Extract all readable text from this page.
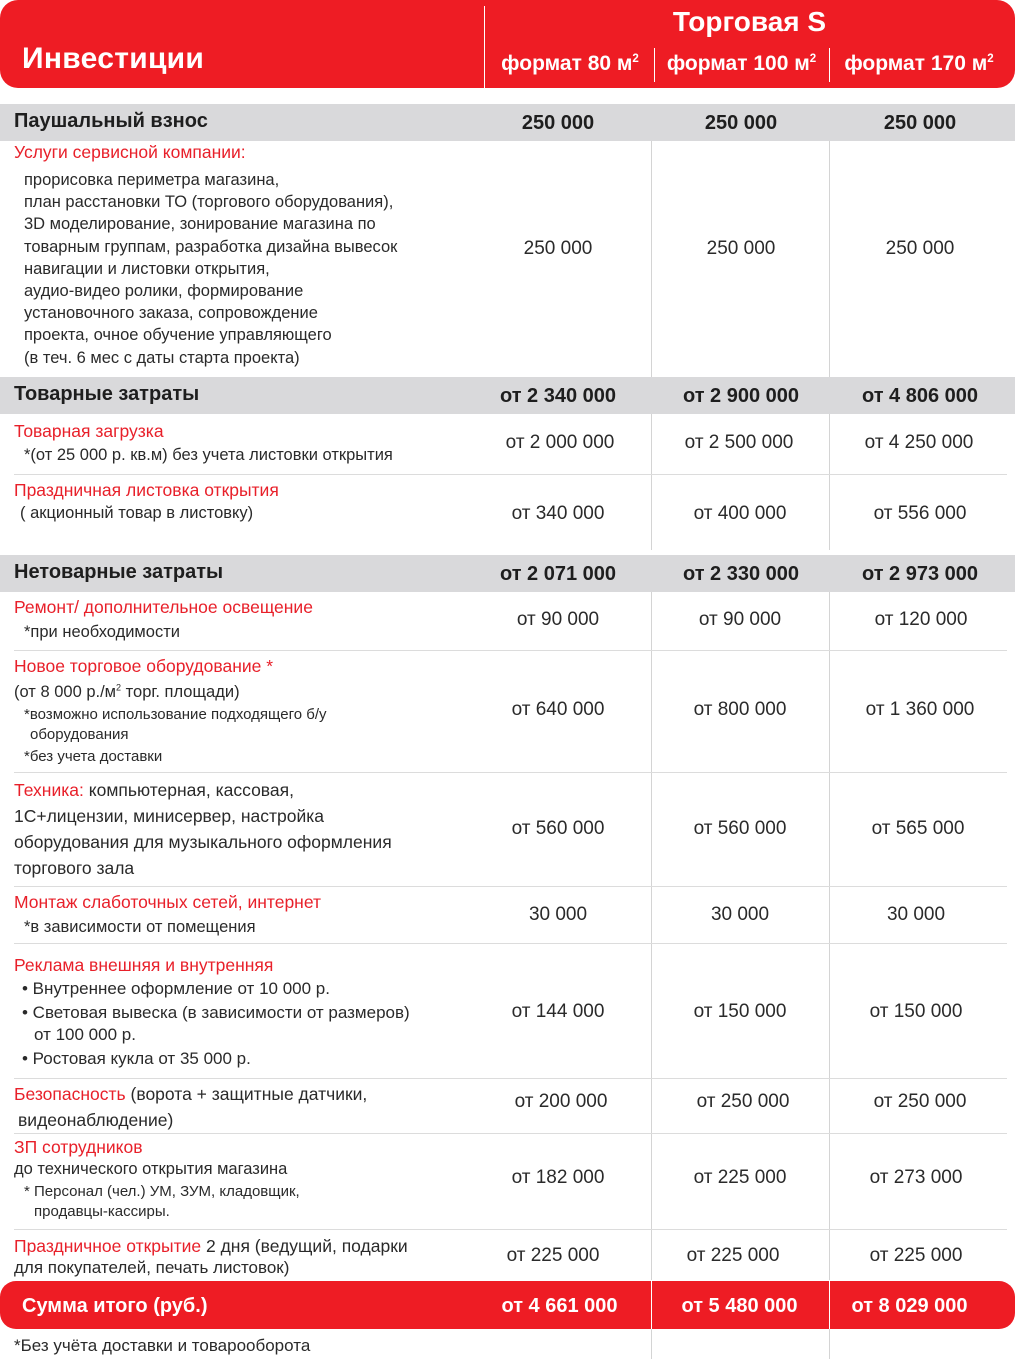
Инвестиции
Торговая S
формат 80 $м^2$	формат 100 $м^2$	формат 170 $м^2$
Паушальный взнос	250 000	250 000	250 000
Услуги сервисной компании:
прорисовка периметра магазина,
план расстановки ТО (торгового оборудования),
3D моделирование, зонирование магазина по
товарным группам, разработка дизайна вывесок
навигации и листовки открытия,
аудио-видео ролики, формирование
установочного заказа, сопровождение
проекта, очное обучение управляющего
(в теч. 6 мес с даты старта проекта)
250 000	250 000	250 000
Товарные затраты	от 2 340 000	от 2 900 000	от 4 806 000
Товарная загрузка
*(от 25 000 р. кв.м) без учета листовки открытия
от 2 000 000	от 2 500 000	от 4 250 000
Праздничная листовка открытия
( акционный товар в листовку)	от 340 000	от 400 000	от 556 000
Нетоварные затраты	от 2 071 000	от 2 330 000	от 2 973 000
Ремонт/ дополнительное освещение
*при необходимости
от 90 000	от 90 000	от 120 000
Новое торговое оборудование *
(от 8 000 $р./м^2$ торг. площади)
*возможно использование подходящего б/у
оборудования
*без учета доставки
от 640 000	от 800 000	от 1 360 000
Техника: компьютерная, кассовая,
1С+лицензии, минисервер, настройка
оборудования для музыкального оформления
торгового зала
от 560 000	от 560 000	от 565 000
Монтаж слаботочных сетей, интернет
*в зависимости от помещения
30 000	30 000	30 000
Реклама внешняя и внутренняя
• Внутреннее оформление от 10 000 р.
• Световая вывеска (в зависимости от размеров)
от 100 000 р.
• Ростовая кукла от 35 000 р.
от 144 000	от 150 000	от 150 000
Безопасность (ворота + защитные датчики,
видеонаблюдение)
от 200 000	от 250 000	от 250 000
ЗП сотрудников
до технического открытия магазина
* Персонал (чел.) УМ, ЗУМ, кладовщик,
продавцы-кассиры.
от 182 000	от 225 000	от 273 000
Праздничное открытие 2 дня (ведущий, подарки
для покупателей, печать листовок)
от 225 000	от 225 000	от 225 000
Сумма итого (руб.)	от 4 661 000	от 5 480 000	от 8 029 000
*Без учёта доставки и товарооборота
